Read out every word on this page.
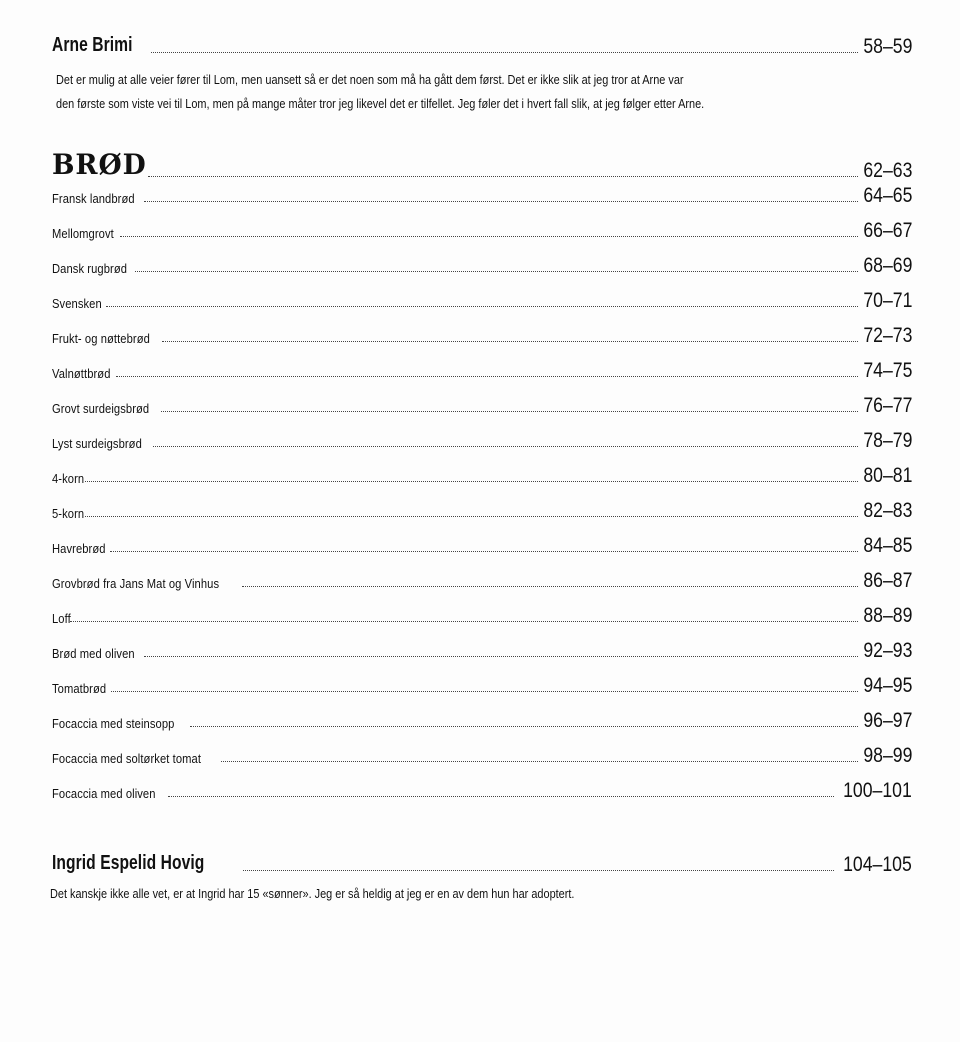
Arne Brimi	58–59
Det er mulig at alle veier fører til Lom, men uansett så er det noen som må ha gått dem først. Det er ikke slik at jeg tror at Arne var
den første som viste vei til Lom, men på mange måter tror jeg likevel det er tilfellet. Jeg føler det i hvert fall slik, at jeg følger etter Arne.
BRØD	62–63
Fransk landbrød	64–65
Mellomgrovt	66–67
Dansk rugbrød	68–69
Svensken	70–71
Frukt- og nøttebrød	72–73
Valnøttbrød	74–75
Grovt surdeigsbrød	76–77
Lyst surdeigsbrød	78–79
4-korn	80–81
5-korn	82–83
Havrebrød	84–85
Grovbrød fra Jans Mat og Vinhus	86–87
Loff	88–89
Brød med oliven	92–93
Tomatbrød	94–95
Focaccia med steinsopp	96–97
Focaccia med soltørket tomat	98–99
Focaccia med oliven	100–101
Ingrid Espelid Hovig	104–105
Det kanskje ikke alle vet, er at Ingrid har 15 «sønner». Jeg er så heldig at jeg er en av dem hun har adoptert.
